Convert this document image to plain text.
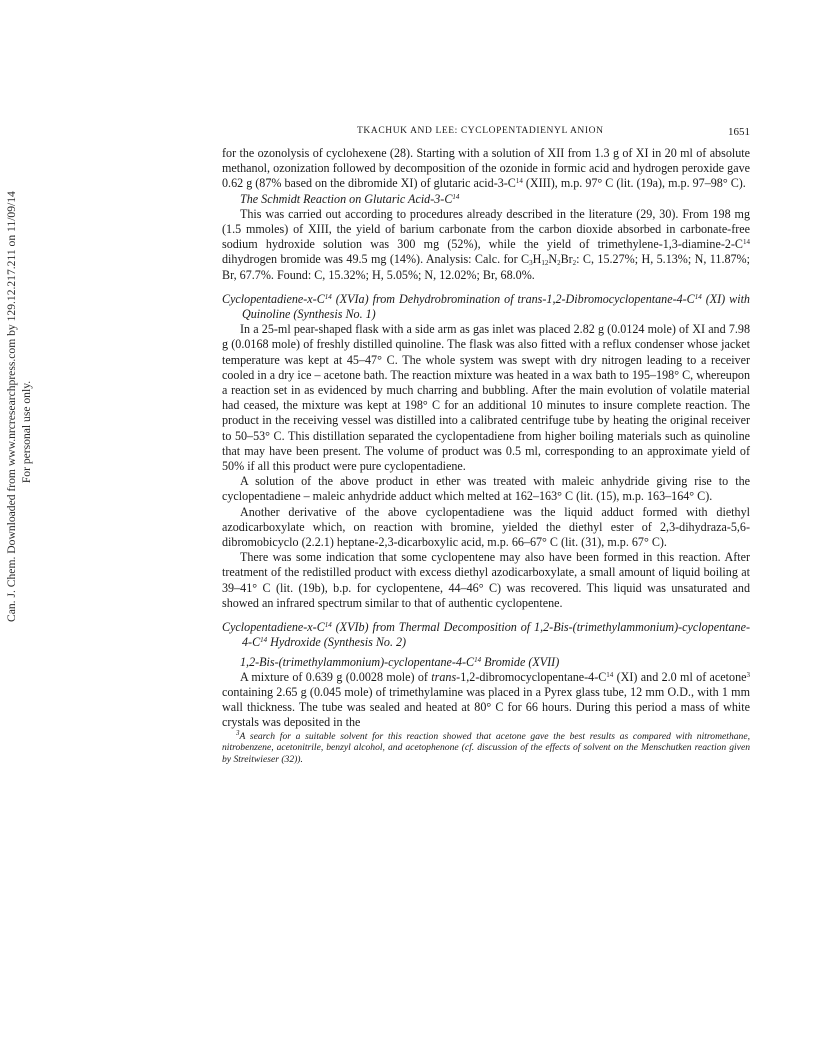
TKACHUK AND LEE: CYCLOPENTADIENYL ANION	1651
Can. J. Chem. Downloaded from www.nrcresearchpress.com by 129.12.217.211 on 11/09/14 For personal use only.

for the ozonolysis of cyclohexene (28). Starting with a solution of XII from 1.3 g of XI in 20 ml of absolute methanol, ozonization followed by decomposition of the ozonide in formic acid and hydrogen peroxide gave 0.62 g (87% based on the dibromide XI) of glutaric acid-$3-C^{14}$ (XIII), m.p. 97° C (lit. (19a), m.p. 97–98° C).

The Schmidt Reaction on Glutaric Acid-$3-C^{14}$

This was carried out according to procedures already described in the literature (29, 30). From 198 mg (1.5 mmoles) of XIII, the yield of barium carbonate from the carbon dioxide absorbed in carbonate-free sodium hydroxide solution was 300 mg (52%), while the yield of trimethylene-$1,3-diamine-2-C^{14}$ dihydrogen bromide was 49.5 mg (14%). Analysis: Calc. for $C_3H_{12}N_2Br_2$: C, 15.27%; H, 5.13%; N, 11.87%; Br, 67.7%. Found: C, 15.32%; H, 5.05%; N, 12.02%; Br, 68.0%.

Cyclopentadiene-$x-C^{14}$ (XVIa) from Dehydrobromination of trans-$1,2-Dibromocyclopentane-4-C^{14}$ (XI) with Quinoline (Synthesis No. 1)

In a 25-ml pear-shaped flask with a side arm as gas inlet was placed 2.82 g (0.0124 mole) of XI and 7.98 g (0.0168 mole) of freshly distilled quinoline. The flask was also fitted with a reflux condenser whose jacket temperature was kept at 45–47° C. The whole system was swept with dry nitrogen leading to a receiver cooled in a dry ice – acetone bath. The reaction mixture was heated in a wax bath to 195–198° C, whereupon a reaction set in as evidenced by much charring and bubbling. After the main evolution of volatile material had ceased, the mixture was kept at 198° C for an additional 10 minutes to insure complete reaction. The product in the receiving vessel was distilled into a calibrated centrifuge tube by heating the original receiver to 50–53° C. This distillation separated the cyclopentadiene from higher boiling materials such as quinoline that may have been present. The volume of product was 0.5 ml, corresponding to an approximate yield of 50% if all this product were pure cyclopentadiene.

A solution of the above product in ether was treated with maleic anhydride giving rise to the cyclopentadiene – maleic anhydride adduct which melted at 162–163° C (lit. (15), m.p. 163–164° C).

Another derivative of the above cyclopentadiene was the liquid adduct formed with diethyl azodicarboxylate which, on reaction with bromine, yielded the diethyl ester of 2,3-dihydraza-5,6-dibromobicyclo (2.2.1) heptane-2,3-dicarboxylic acid, m.p. 66–67° C (lit. (31), m.p. 67° C).

There was some indication that some cyclopentene may also have been formed in this reaction. After treatment of the redistilled product with excess diethyl azodicarboxylate, a small amount of liquid boiling at 39–41° C (lit. (19b), b.p. for cyclopentene, 44–46° C) was recovered. This liquid was unsaturated and showed an infrared spectrum similar to that of authentic cyclopentene.

Cyclopentadiene-$x-C^{14}$ (XVIb) from Thermal Decomposition of $1,2-Bis-(trimethylammonium)-cyclopentane-4-C^{14}$ Hydroxide (Synthesis No. 2)

$1,2-Bis-(trimethylammonium)-cyclopentane-4-C^{14}$ Bromide (XVII)

A mixture of 0.639 g (0.0028 mole) of trans-$1,2-dibromocyclopentane-4-C^{14}$ (XI) and 2.0 ml of acetone$^3$ containing 2.65 g (0.045 mole) of trimethylamine was placed in a Pyrex glass tube, 12 mm O.D., with 1 mm wall thickness. The tube was sealed and heated at 80° C for 66 hours. During this period a mass of white crystals was deposited in the

$^3$A search for a suitable solvent for this reaction showed that acetone gave the best results as compared with nitromethane, nitrobenzene, acetonitrile, benzyl alcohol, and acetophenone (cf. discussion of the effects of solvent on the Menschutken reaction given by Streitwieser (32)).
